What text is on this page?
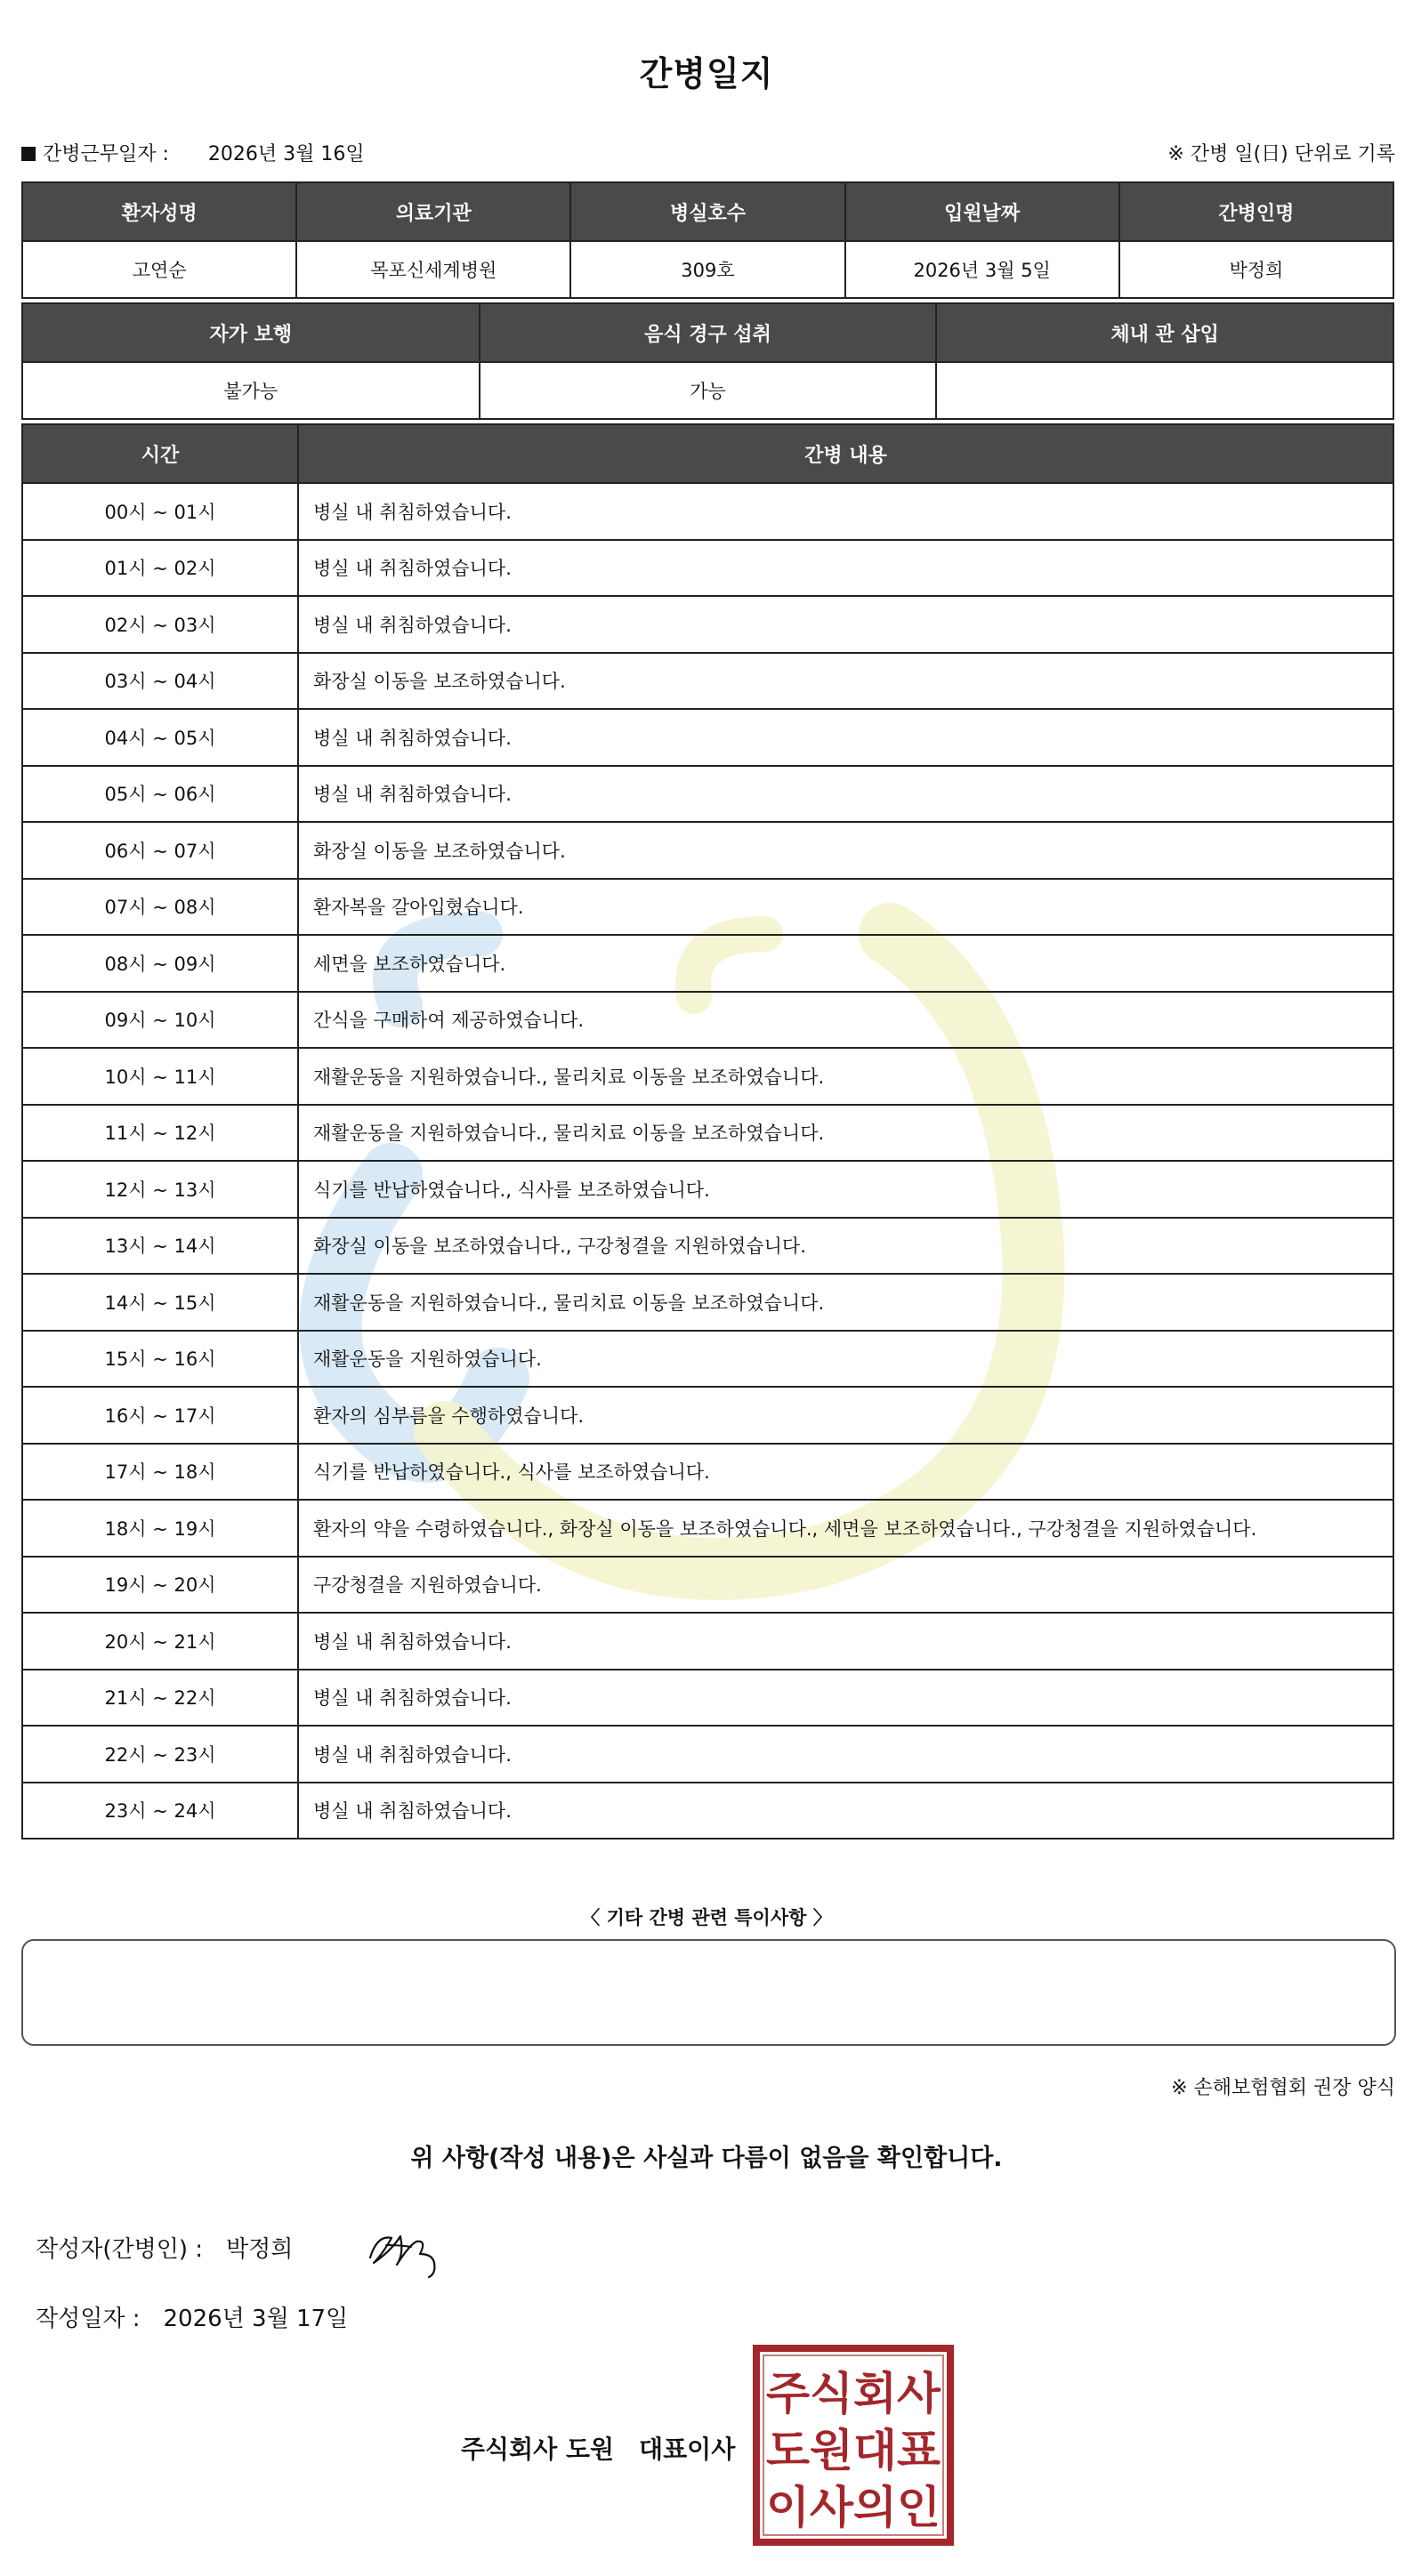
간병일지
간병근무일자 : 2026년 3월 16일	※ 간병 일(日) 단위로 기록
환자성명	의료기관	병실호수	입원날짜	간병인명
고연순	목포신세계병원	309호	2026년 3월 5일	박정희
자가 보행	음식 경구 섭취	체내 관 삽입
불가능	가능	
시간	간병 내용
00시 ~ 01시	병실 내 취침하였습니다.
01시 ~ 02시	병실 내 취침하였습니다.
02시 ~ 03시	병실 내 취침하였습니다.
03시 ~ 04시	화장실 이동을 보조하였습니다.
04시 ~ 05시	병실 내 취침하였습니다.
05시 ~ 06시	병실 내 취침하였습니다.
06시 ~ 07시	화장실 이동을 보조하였습니다.
07시 ~ 08시	환자복을 갈아입혔습니다.
08시 ~ 09시	세면을 보조하였습니다.
09시 ~ 10시	간식을 구매하여 제공하였습니다.
10시 ~ 11시	재활운동을 지원하였습니다., 물리치료 이동을 보조하였습니다.
11시 ~ 12시	재활운동을 지원하였습니다., 물리치료 이동을 보조하였습니다.
12시 ~ 13시	식기를 반납하였습니다., 식사를 보조하였습니다.
13시 ~ 14시	화장실 이동을 보조하였습니다., 구강청결을 지원하였습니다.
14시 ~ 15시	재활운동을 지원하였습니다., 물리치료 이동을 보조하였습니다.
15시 ~ 16시	재활운동을 지원하였습니다.
16시 ~ 17시	환자의 심부름을 수행하였습니다.
17시 ~ 18시	식기를 반납하였습니다., 식사를 보조하였습니다.
18시 ~ 19시	환자의 약을 수령하였습니다., 화장실 이동을 보조하였습니다., 세면을 보조하였습니다., 구강청결을 지원하였습니다.
19시 ~ 20시	구강청결을 지원하였습니다.
20시 ~ 21시	병실 내 취침하였습니다.
21시 ~ 22시	병실 내 취침하였습니다.
22시 ~ 23시	병실 내 취침하였습니다.
23시 ~ 24시	병실 내 취침하였습니다.
〈 기타 간병 관련 특이사항 〉
※ 손해보험협회 권장 양식
위 사항(작성 내용)은 사실과 다름이 없음을 확인합니다.
작성자(간병인) : 박정희
작성일자 : 2026년 3월 17일
주식회사 도원 대표이사
주식회사
도원대표
이사의인
